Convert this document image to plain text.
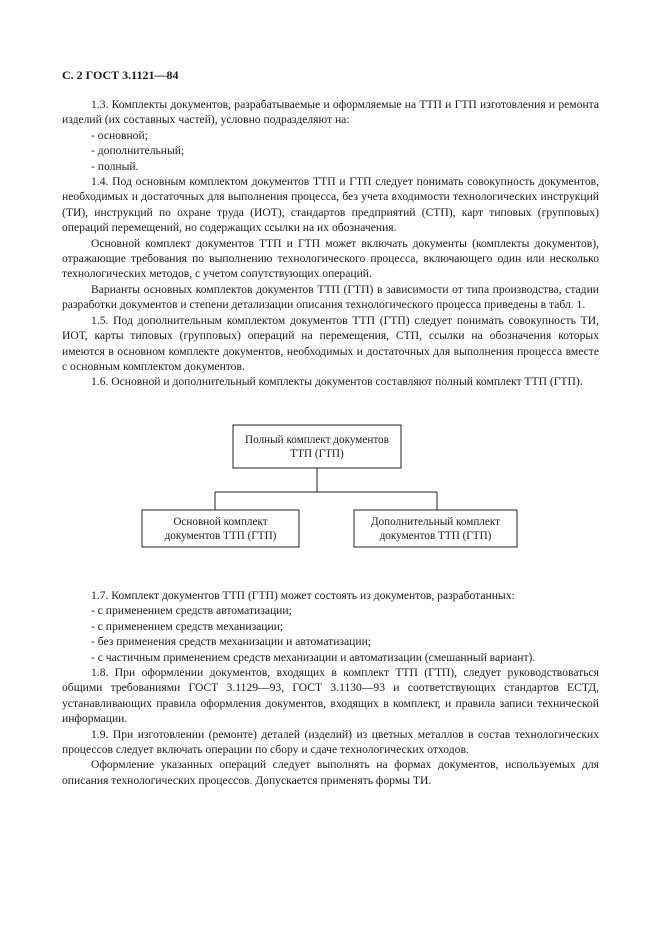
С. 2 ГОСТ 3.1121—84

1.3. Комплекты документов, разрабатываемые и оформляемые на ТТП и ГТП изготовления и ремонта изделий (их составных частей), условно подразделяют на:

- основной;

- дополнительный;

- полный.

1.4. Под основным комплектом документов ТТП и ГТП следует понимать совокупность документов, необходимых и достаточных для выполнения процесса, без учета входимости технологических инструкций (ТИ), инструкций по охране труда (ИОТ), стандартов предприятий (СТП), карт типовых (групповых) операций перемещений, но содержащих ссылки на их обозначения.

Основной комплект документов ТТП и ГТП может включать документы (комплекты документов), отражающие требования по выполнению технологического процесса, включающего один или несколько технологических методов, с учетом сопутствующих операций.

Варианты основных комплектов документов ТТП (ГТП) в зависимости от типа производства, стадии разработки документов и степени детализации описания технологического процесса приведены в табл. 1.

1.5. Под дополнительным комплектом документов ТТП (ГТП) следует понимать совокупность ТИ, ИОТ, карты типовых (групповых) операций на перемещения, СТП, ссылки на обозначения которых имеются в основном комплекте документов, необходимых и достаточных для выполнения процесса вместе с основным комплектом документов.

1.6. Основной и дополнительный комплекты документов составляют полный комплект ТТП (ГТП).

Полный комплект документов
ТТП (ГТП)
Основной комплект
документов ТТП (ГТП)
Дополнительный комплект
документов ТТП (ГТП)

1.7. Комплект документов ТТП (ГТП) может состоять из документов, разработанных:

- с применением средств автоматизации;

- с применением средств механизации;

- без применения средств механизации и автоматизации;

- с частичным применением средств механизации и автоматизации (смешанный вариант).

1.8. При оформлении документов, входящих в комплект ТТП (ГТП), следует руководствоваться общими требованиями ГОСТ 3.1129—93, ГОСТ 3.1130—93 и соответствующих стандартов ЕСТД, устанавливающих правила оформления документов, входящих в комплект, и правила записи технической информации.

1.9. При изготовлении (ремонте) деталей (изделий) из цветных металлов в состав технологических процессов следует включать операции по сбору и сдаче технологических отходов.

Оформление указанных операций следует выполнять на формах документов, используемых для описания технологических процессов. Допускается применять формы ТИ.
